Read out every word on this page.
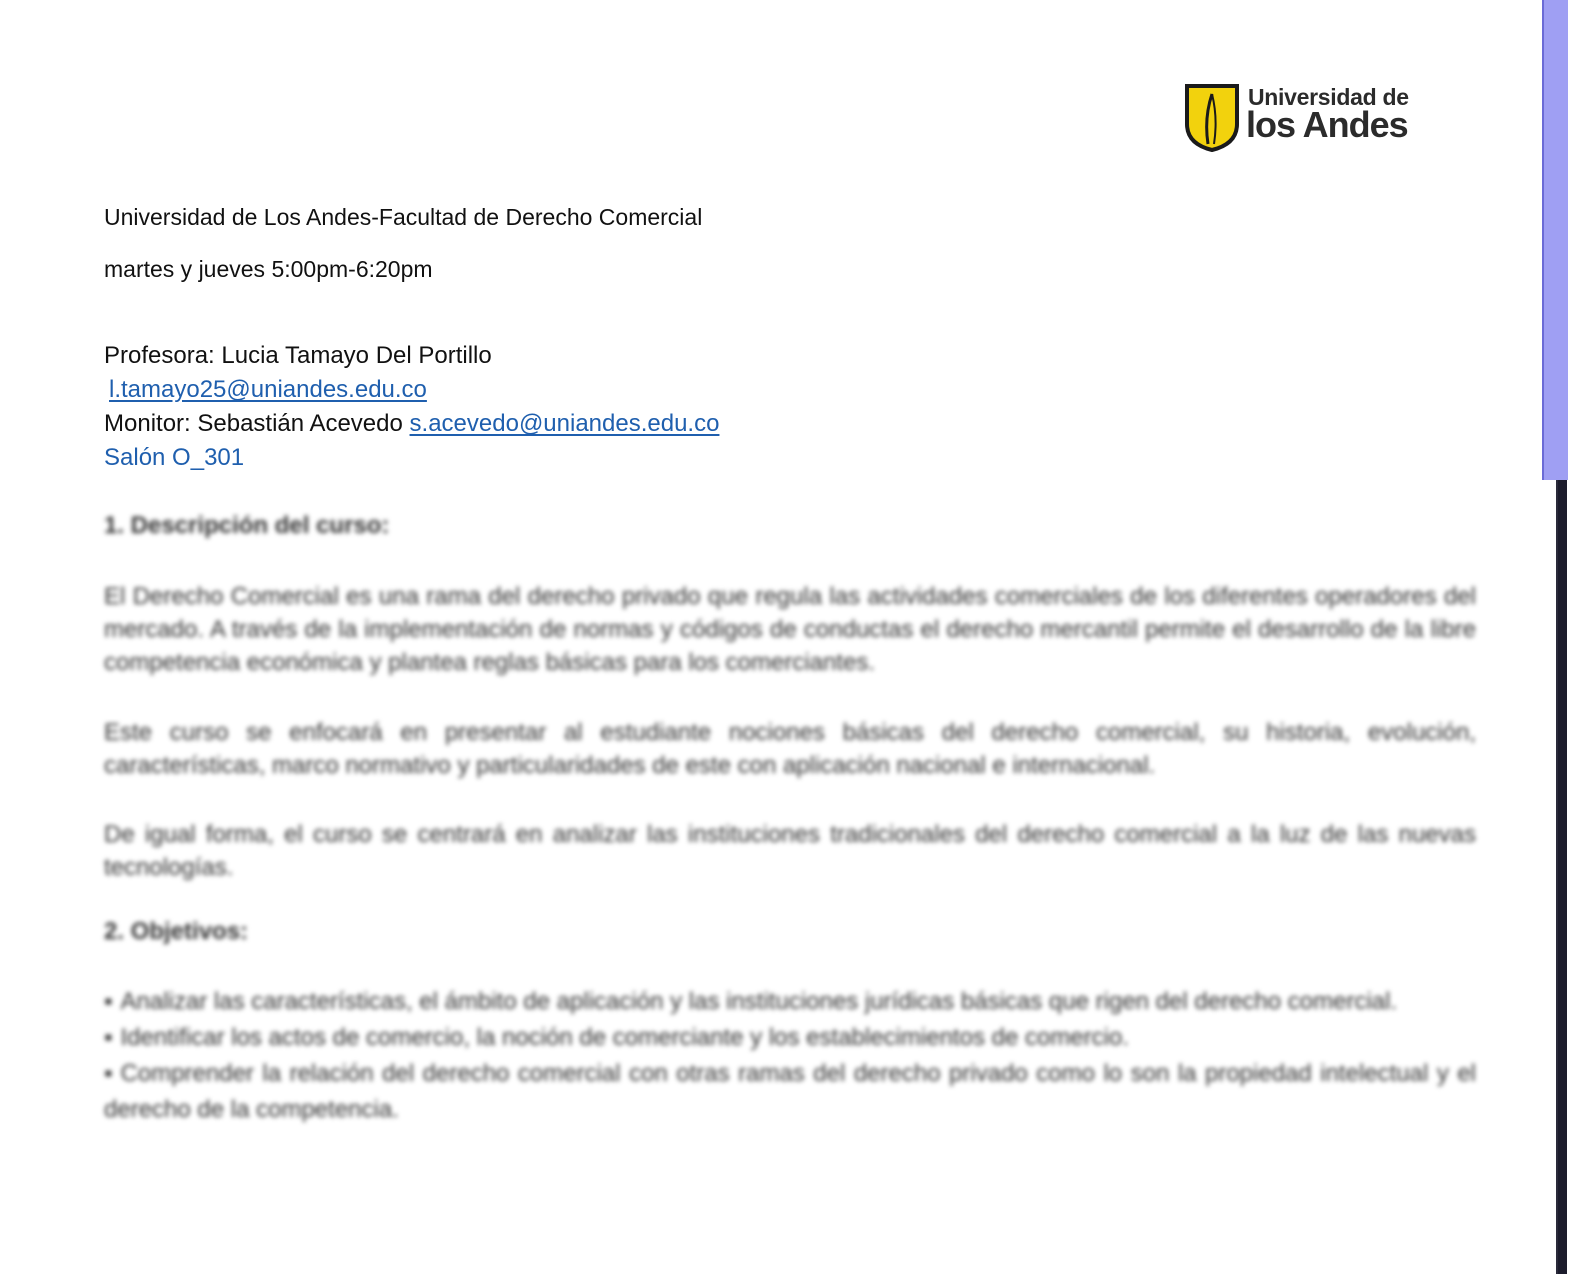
Universidad de
los Andes
Universidad de Los Andes-Facultad de Derecho Comercial
martes y jueves 5:00pm-6:20pm
Profesora: Lucia Tamayo Del Portillo
l.tamayo25@uniandes.edu.co
Monitor: Sebastián Acevedo s.acevedo@uniandes.edu.co
Salón O_301
1. Descripción del curso:
El Derecho Comercial es una rama del derecho privado que regula las actividades comerciales de los diferentes operadores del mercado. A través de la implementación de normas y códigos de conductas el derecho mercantil permite el desarrollo de la libre competencia económica y plantea reglas básicas para los comerciantes.
Este curso se enfocará en presentar al estudiante nociones básicas del derecho comercial, su historia, evolución, características, marco normativo y particularidades de este con aplicación nacional e internacional.
De igual forma, el curso se centrará en analizar las instituciones tradicionales del derecho comercial a la luz de las nuevas tecnologías.
2. Objetivos:
▪ Analizar las características, el ámbito de aplicación y las instituciones jurídicas básicas que rigen del derecho comercial.
▪ Identificar los actos de comercio, la noción de comerciante y los establecimientos de comercio.
▪ Comprender la relación del derecho comercial con otras ramas del derecho privado como lo son la propiedad intelectual y el derecho de la competencia.
